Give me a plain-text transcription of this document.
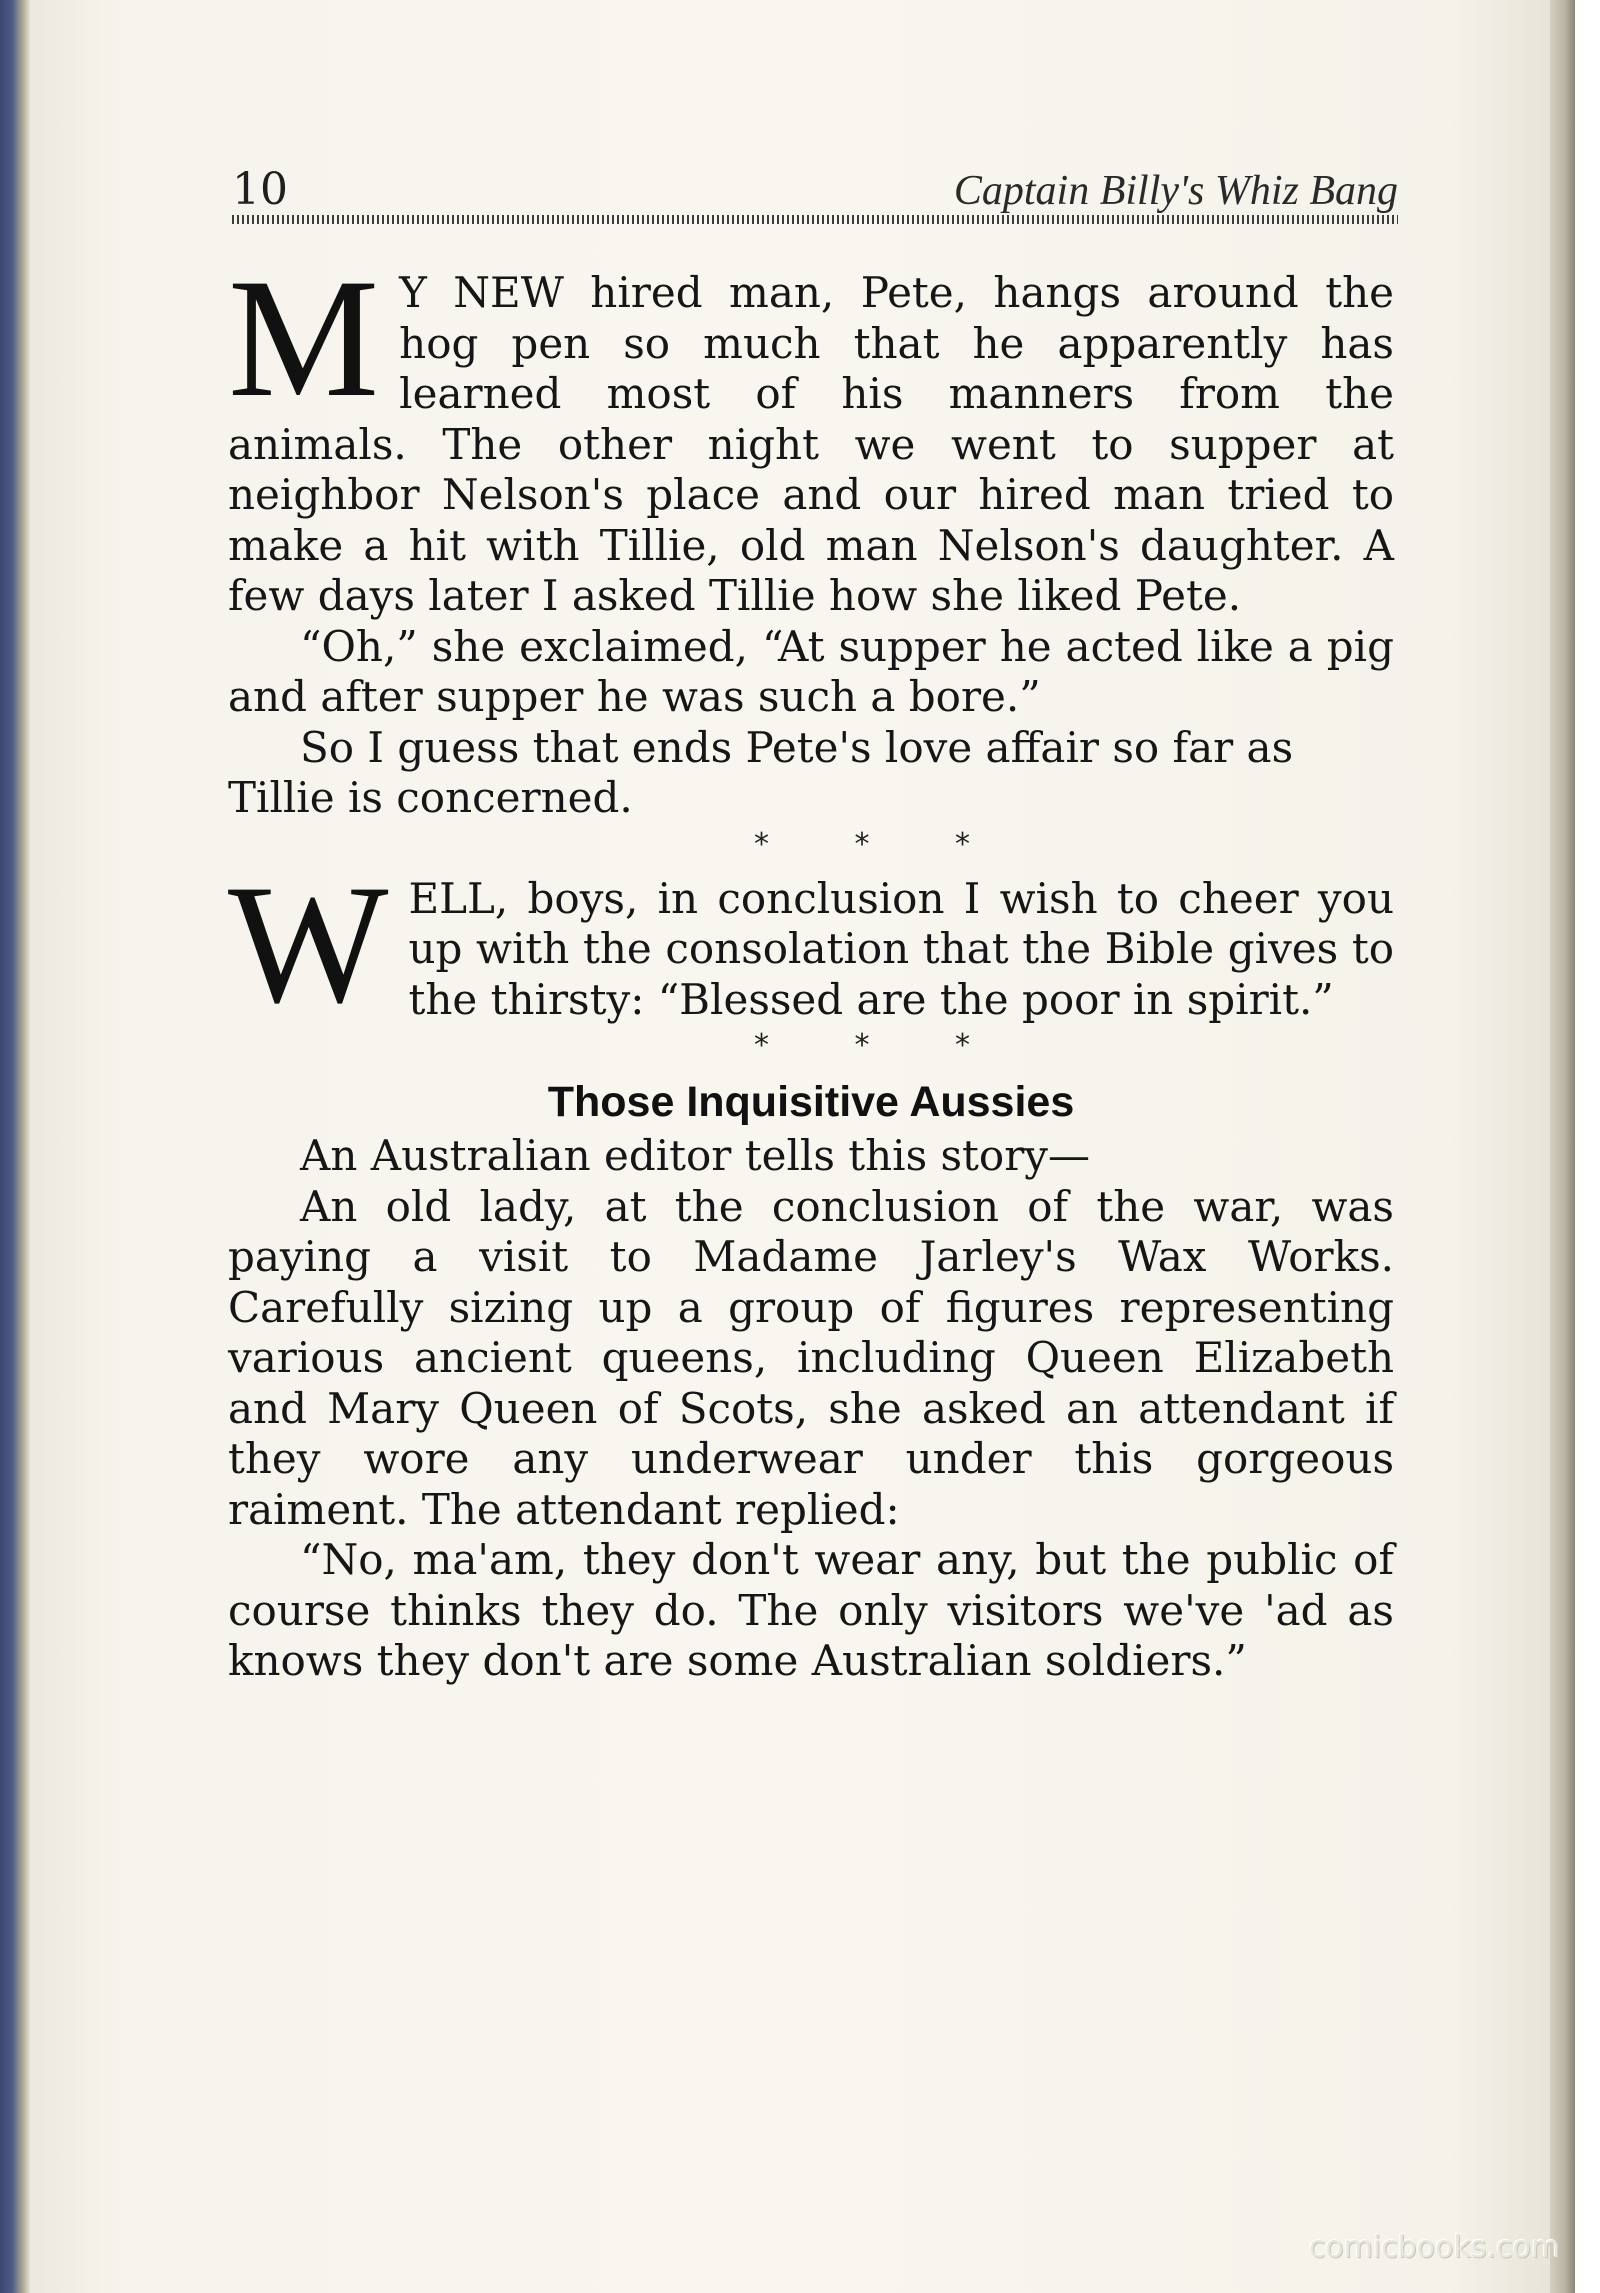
10	Captain Billy's Whiz Bang

M Y NEW hired man, Pete, hangs around the hog pen so much that he apparently has learned most of his manners from the animals. The other night we went to supper at neighbor Nelson's place and our hired man tried to make a hit with Tillie, old man Nelson's daughter. A few days later I asked Tillie how she liked Pete.

“Oh,” she exclaimed, “At supper he acted like a pig and after supper he was such a bore.”

So I guess that ends Pete's love affair so far as Tillie is concerned.

* * *

WELL, boys, in conclusion I wish to cheer you up with the consolation that the Bible gives to the thirsty: “Blessed are the poor in spirit.”

* * *
Those Inquisitive Aussies

An Australian editor tells this story—

An old lady, at the conclusion of the war, was paying a visit to Madame Jarley's Wax Works. Carefully sizing up a group of figures representing various ancient queens, including Queen Elizabeth and Mary Queen of Scots, she asked an attendant if they wore any underwear under this gorgeous raiment. The attendant replied:

“No, ma'am, they don't wear any, but the public of course thinks they do. The only visitors we've 'ad as knows they don't are some Australian soldiers.”

comicbooks.com
